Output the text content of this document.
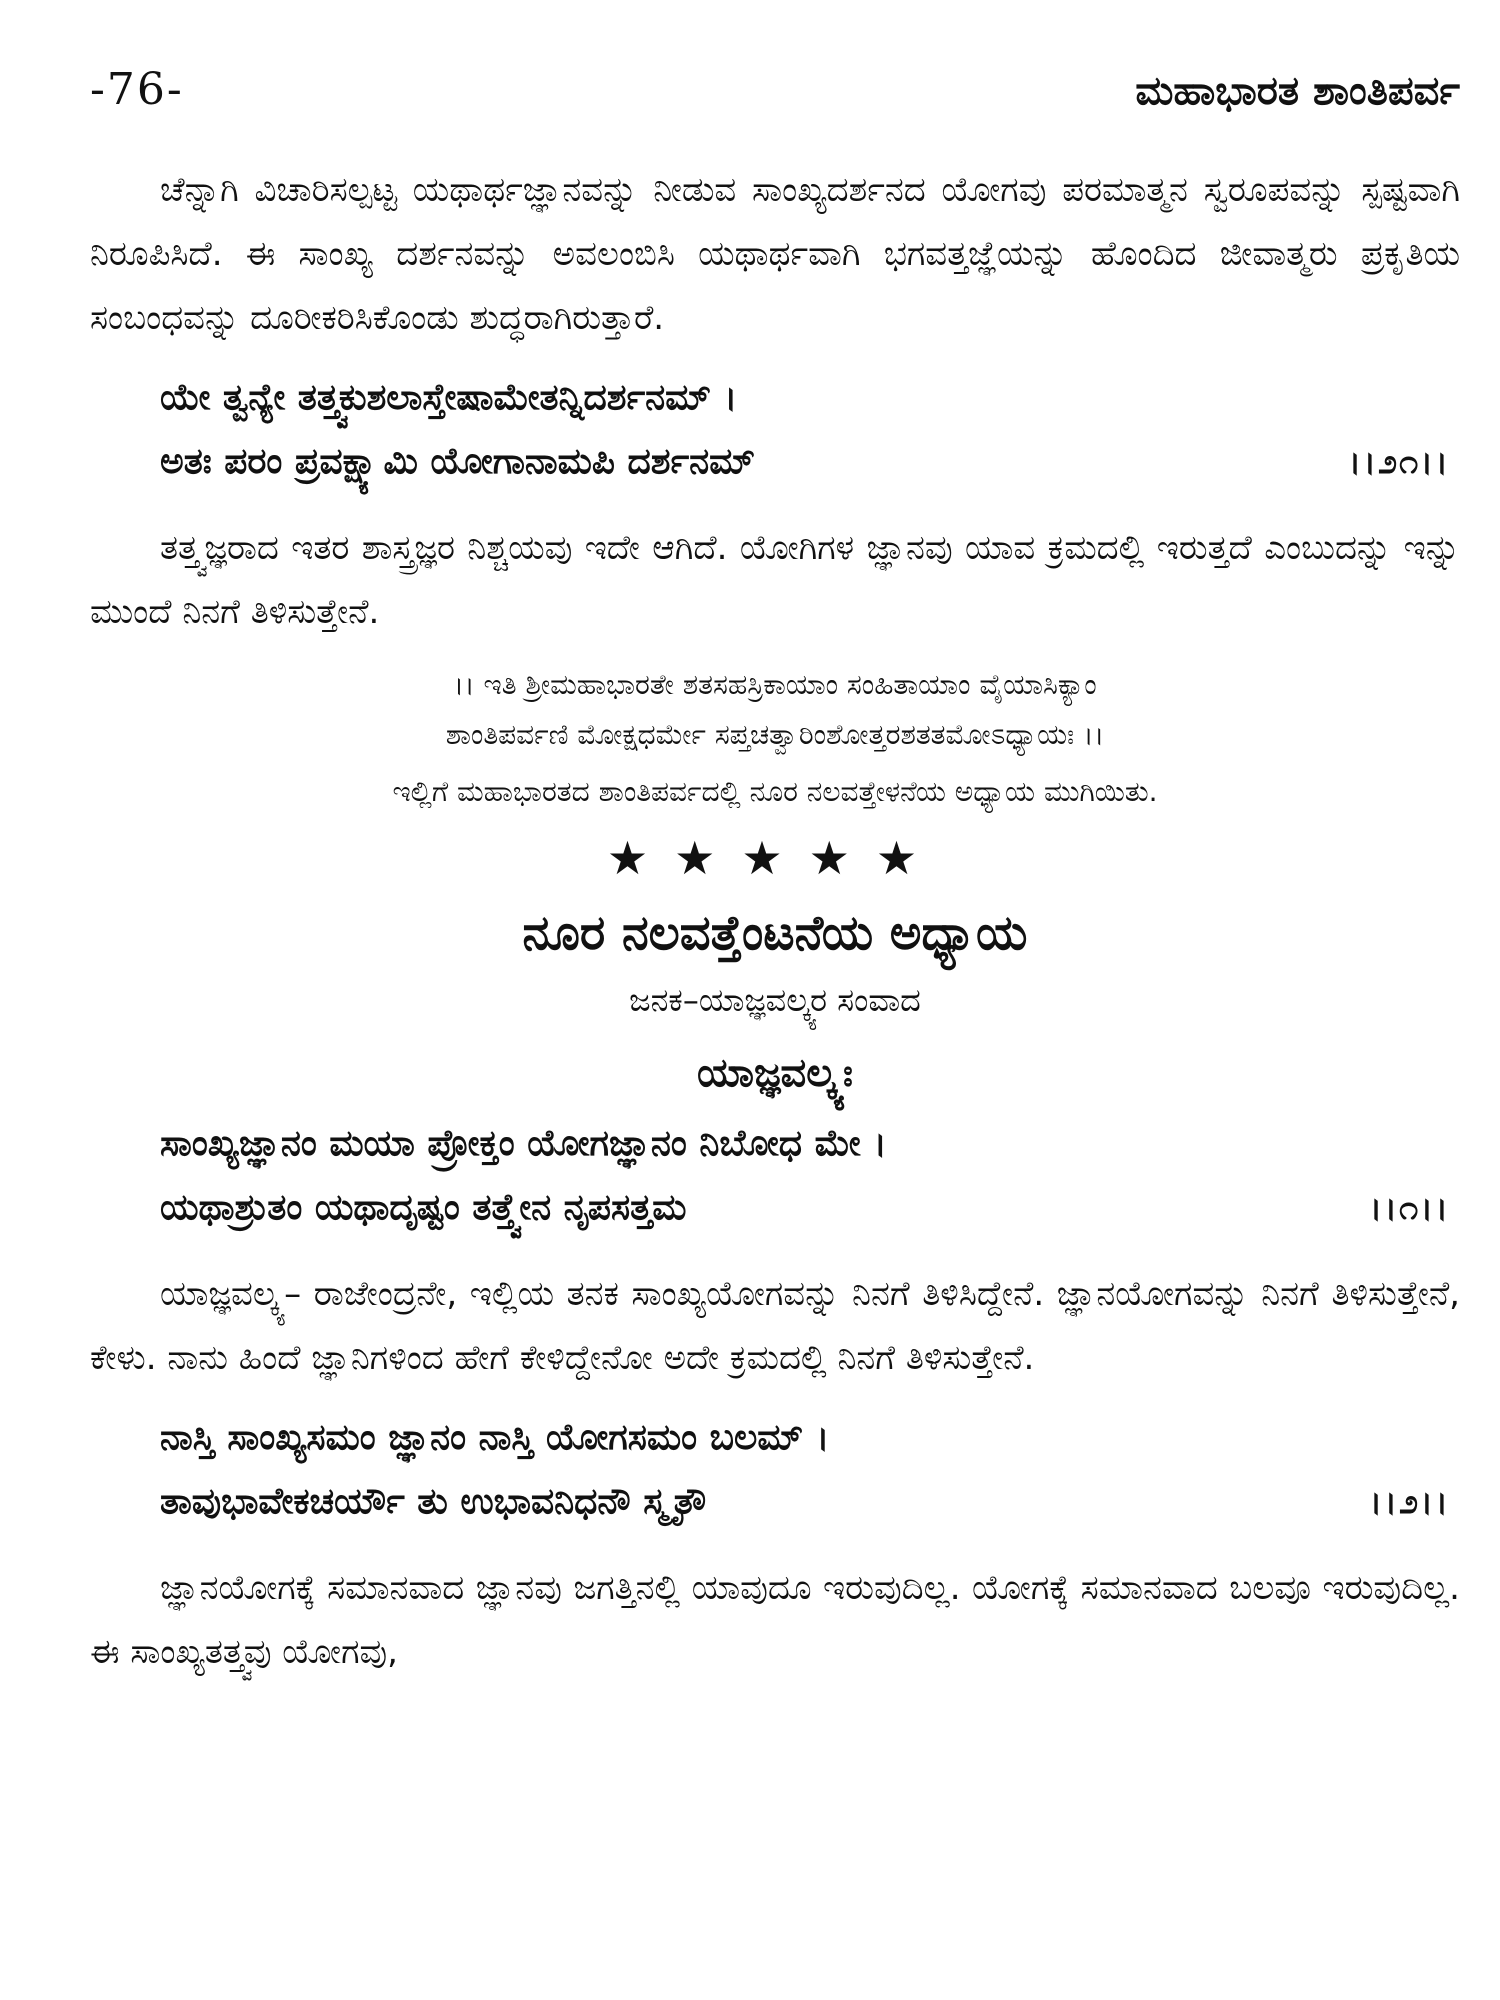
-76-	ಮಹಾಭಾರತ ಶಾಂತಿಪರ್ವ

ಚೆನ್ನಾಗಿ ವಿಚಾರಿಸಲ್ಪಟ್ಟ ಯಥಾರ್ಥಜ್ಞಾನವನ್ನು ನೀಡುವ ಸಾಂಖ್ಯದರ್ಶನದ ಯೋಗವು ಪರಮಾತ್ಮನ ಸ್ವರೂಪವನ್ನು ಸ್ಪಷ್ಟವಾಗಿ ನಿರೂಪಿಸಿದೆ. ಈ ಸಾಂಖ್ಯ ದರ್ಶನವನ್ನು ಅವಲಂಬಿಸಿ ಯಥಾರ್ಥವಾಗಿ ಭಗವತ್ತಜ್ಞೆಯನ್ನು ಹೊಂದಿದ ಜೀವಾತ್ಮರು ಪ್ರಕೃತಿಯ ಸಂಬಂಧವನ್ನು ದೂರೀಕರಿಸಿಕೊಂಡು ಶುದ್ಧರಾಗಿರುತ್ತಾರೆ.

ಯೇ ತ್ವನ್ಯೇ ತತ್ತ್ವಕುಶಲಾಸ್ತೇಷಾಮೇತನ್ನಿದರ್ಶನಮ್ ।
ಅತಃ ಪರಂ ಪ್ರವಕ್ಷ್ಯಾಮಿ ಯೋಗಾನಾಮಪಿ ದರ್ಶನಮ್	।।೨೧।।

ತತ್ತ್ವಜ್ಞರಾದ ಇತರ ಶಾಸ್ತ್ರಜ್ಞರ ನಿಶ್ಚಯವು ಇದೇ ಆಗಿದೆ. ಯೋಗಿಗಳ ಜ್ಞಾನವು ಯಾವ ಕ್ರಮದಲ್ಲಿ ಇರುತ್ತದೆ ಎಂಬುದನ್ನು ಇನ್ನು ಮುಂದೆ ನಿನಗೆ ತಿಳಿಸುತ್ತೇನೆ.

।। ಇತಿ ಶ್ರೀಮಹಾಭಾರತೇ ಶತಸಹಸ್ರಿಕಾಯಾಂ ಸಂಹಿತಾಯಾಂ ವೈಯಾಸಿಕ್ಯಾಂ

ಶಾಂತಿಪರ್ವಣಿ ಮೋಕ್ಷಧರ್ಮೇ ಸಪ್ತಚತ್ವಾರಿಂಶೋತ್ತರಶತತಮೋಽಧ್ಯಾಯಃ ।।

ಇಲ್ಲಿಗೆ ಮಹಾಭಾರತದ ಶಾಂತಿಪರ್ವದಲ್ಲಿ ನೂರ ನಲವತ್ತೇಳನೆಯ ಅಧ್ಯಾಯ ಮುಗಿಯಿತು.

★★★★★
ನೂರ ನಲವತ್ತೆಂಟನೆಯ ಅಧ್ಯಾಯ
ಜನಕ–ಯಾಜ್ಞವಲ್ಕ್ಯರ ಸಂವಾದ
ಯಾಜ್ಞವಲ್ಕ್ಯಃ
ಸಾಂಖ್ಯಜ್ಞಾನಂ ಮಯಾ ಪ್ರೋಕ್ತಂ ಯೋಗಜ್ಞಾನಂ ನಿಬೋಧ ಮೇ ।
ಯಥಾಶ್ರುತಂ ಯಥಾದೃಷ್ಟಂ ತತ್ತ್ವೇನ ನೃಪಸತ್ತಮ	।।೧।।

ಯಾಜ್ಞವಲ್ಕ್ಯ– ರಾಜೇಂದ್ರನೇ, ಇಲ್ಲಿಯ ತನಕ ಸಾಂಖ್ಯಯೋಗವನ್ನು ನಿನಗೆ ತಿಳಿಸಿದ್ದೇನೆ. ಜ್ಞಾನಯೋಗವನ್ನು ನಿನಗೆ ತಿಳಿಸುತ್ತೇನೆ, ಕೇಳು. ನಾನು ಹಿಂದೆ ಜ್ಞಾನಿಗಳಿಂದ ಹೇಗೆ ಕೇಳಿದ್ದೇನೋ ಅದೇ ಕ್ರಮದಲ್ಲಿ ನಿನಗೆ ತಿಳಿಸುತ್ತೇನೆ.

ನಾಸ್ತಿ ಸಾಂಖ್ಯಸಮಂ ಜ್ಞಾನಂ ನಾಸ್ತಿ ಯೋಗಸಮಂ ಬಲಮ್ ।
ತಾವುಭಾವೇಕಚರ್ಯೌ ತು ಉಭಾವನಿಧನೌ ಸ್ಮೃತೌ	।।೨।।

ಜ್ಞಾನಯೋಗಕ್ಕೆ ಸಮಾನವಾದ ಜ್ಞಾನವು ಜಗತ್ತಿನಲ್ಲಿ ಯಾವುದೂ ಇರುವುದಿಲ್ಲ. ಯೋಗಕ್ಕೆ ಸಮಾನವಾದ ಬಲವೂ ಇರುವುದಿಲ್ಲ. ಈ ಸಾಂಖ್ಯತತ್ತ್ವವು ಯೋಗವು,
